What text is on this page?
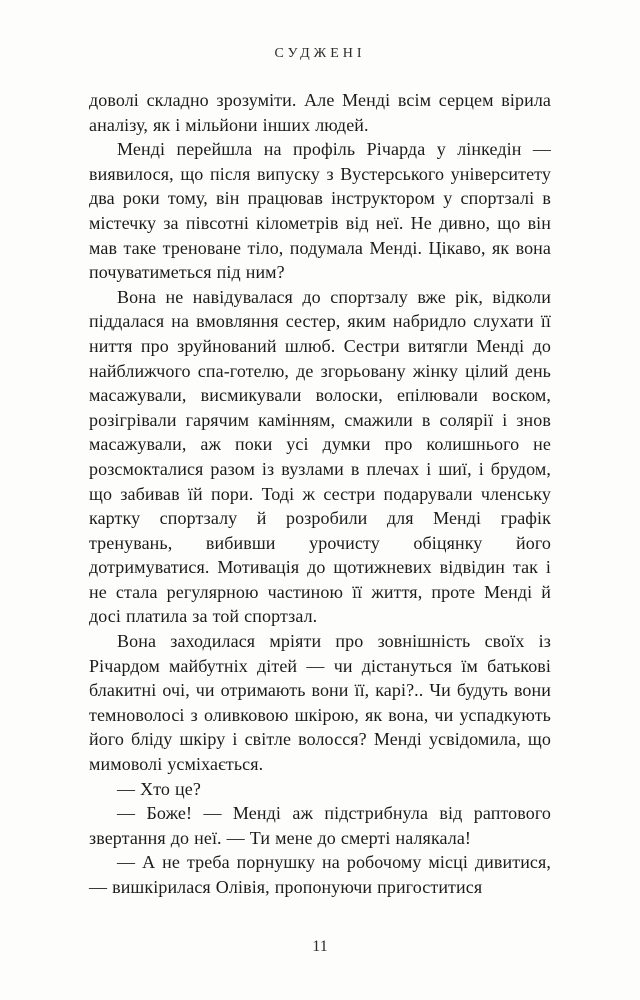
СУДЖЕНІ

доволі складно зрозуміти. Але Менді всім серцем вірила аналізу, як і мільйони інших людей.

Менді перейшла на профіль Річарда у лінкедін — виявилося, що після випуску з Вустерського університету два роки тому, він працював інструктором у спортзалі в містечку за півсотні кілометрів від неї. Не дивно, що він мав таке треноване тіло, подумала Менді. Цікаво, як вона почуватиметься під ним?

Вона не навідувалася до спортзалу вже рік, відколи піддалася на вмовляння сестер, яким набридло слухати її ниття про зруйнований шлюб. Сестри витягли Менді до найближчого спа-готелю, де згорьовану жінку цілий день масажували, висмикували волоски, епілювали воском, розігрівали гарячим камінням, смажили в солярії і знов масажували, аж поки усі думки про колишнього не розсмокталися разом із вузлами в плечах і шиї, і брудом, що забивав їй пори. Тоді ж сестри подарували членську картку спортзалу й розробили для Менді графік тренувань, вибивши урочисту обіцянку його дотримуватися. Мотивація до щотижневих відвідин так і не стала регулярною частиною її життя, проте Менді й досі платила за той спортзал.

Вона заходилася мріяти про зовнішність своїх із Річардом майбутніх дітей — чи дістануться їм батькові блакитні очі, чи отримають вони її, карі?.. Чи будуть вони темноволосі з оливковою шкірою, як вона, чи успадкують його бліду шкіру і світле волосся? Менді усвідомила, що мимоволі усміхається.

— Хто це?

— Боже! — Менді аж підстрибнула від раптового звертання до неї. — Ти мене до смерті налякала!

— А не треба порнушку на робочому місці дивитися, — вишкірилася Олівія, пропонуючи пригоститися

11
